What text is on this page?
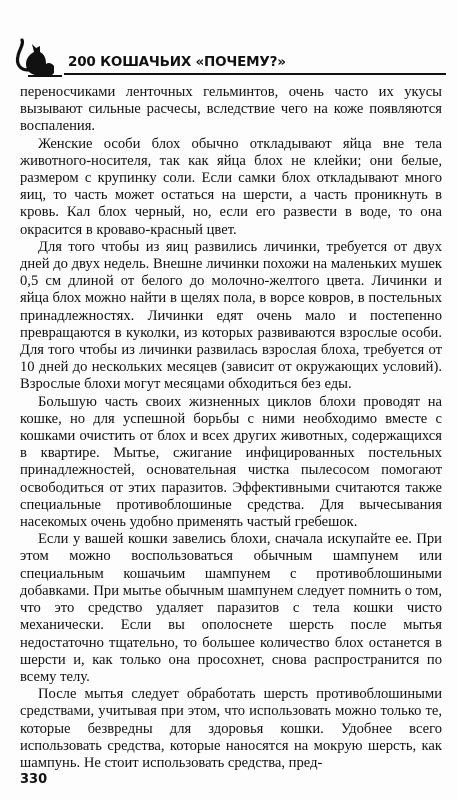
200 КОШАЧЬИХ «ПОЧЕМУ?»

переносчиками ленточных гельминтов, очень часто их укусы вызывают сильные расчесы, вследствие чего на коже появляются воспаления.

Женские особи блох обычно откладывают яйца вне тела животного-носителя, так как яйца блох не клейки; они белые, размером с крупинку соли. Если самки блох откладывают много яиц, то часть может остаться на шерсти, а часть проникнуть в кровь. Кал блох черный, но, если его развести в воде, то она окрасится в кроваво-красный цвет.

Для того чтобы из яиц развились личинки, требуется от двух дней до двух недель. Внешне личинки похожи на маленьких мушек 0,5 см длиной от белого до молочно-желтого цвета. Личинки и яйца блох можно найти в щелях пола, в ворсе ковров, в постельных принадлежностях. Личинки едят очень мало и постепенно превращаются в куколки, из которых развиваются взрослые особи. Для того чтобы из личинки развилась взрослая блоха, требуется от 10 дней до нескольких месяцев (зависит от окружающих условий). Взрослые блохи могут месяцами обходиться без еды.

Большую часть своих жизненных циклов блохи проводят на кошке, но для успешной борьбы с ними необходимо вместе с кошками очистить от блох и всех других животных, содержащихся в квартире. Мытье, сжигание инфицированных постельных принадлежностей, основательная чистка пылесосом помогают освободиться от этих паразитов. Эффективными считаются также специальные противоблошиные средства. Для вычесывания насекомых очень удобно применять частый гребешок.

Если у вашей кошки завелись блохи, сначала искупайте ее. При этом можно воспользоваться обычным шампунем или специальным кошачьим шампунем с противоблошиными добавками. При мытье обычным шампунем следует помнить о том, что это средство удаляет паразитов с тела кошки чисто механически. Если вы ополоснете шерсть после мытья недостаточно тщательно, то большее количество блох останется в шерсти и, как только она просохнет, снова распространится по всему телу.

После мытья следует обработать шерсть противоблошиными средствами, учитывая при этом, что использовать можно только те, которые безвредны для здоровья кошки. Удобнее всего использовать средства, которые наносятся на мокрую шерсть, как шампунь. Не стоит использовать средства, пред-

330
